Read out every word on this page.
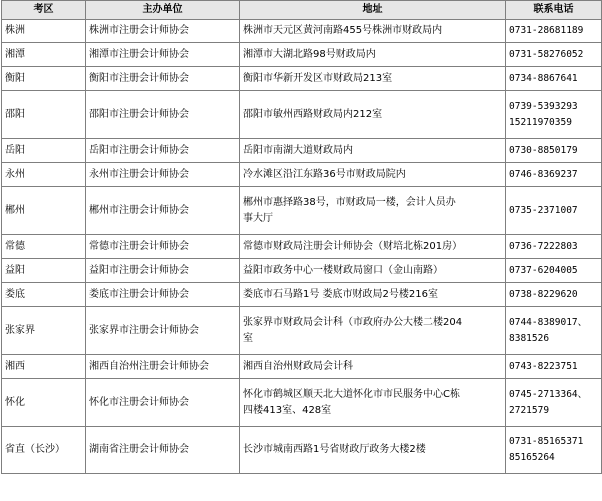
考区	主办单位	地址	联系电话
株洲	株洲市注册会计师协会	株洲市天元区黄河南路455号株洲市财政局内	0731-28681189

湘潭	湘潭市注册会计师协会	湘潭市大湖北路98号财政局内	0731-58276052

衡阳	衡阳市注册会计师协会	衡阳市华新开发区市财政局213室	0734-8867641

邵阳	邵阳市注册会计师协会	邵阳市敏州西路财政局内212室	0739-5393293
15211970359

岳阳	岳阳市注册会计师协会	岳阳市南湖大道财政局内	0730-8850179

永州	永州市注册会计师协会	冷水滩区沿江东路36号市财政局院内	0746-8369237

郴州	郴州市注册会计师协会	郴州市惠择路38号，市财政局一楼，会计人员办
事大厅	0735-2371007

常德	常德市注册会计师协会	常德市财政局注册会计师协会（财培北栋201房）	0736-7222803

益阳	益阳市注册会计师协会	益阳市政务中心一楼财政局窗口（金山南路）	0737-6204005

娄底	娄底市注册会计师协会	娄底市石马路1号 娄底市财政局2号楼216室	0738-8229620

张家界	张家界市注册会计师协会	张家界市财政局会计科（市政府办公大楼二楼204
室	0744-8389017、
8381526

湘西	湘西自治州注册会计师协会	湘西自治州财政局会计科	0743-8223751

怀化	怀化市注册会计师协会	怀化市鹤城区顺天北大道怀化市市民服务中心C栋
四楼413室、428室	0745-2713364、
2721579

省直（长沙）	湖南省注册会计师协会	长沙市城南西路1号省财政厅政务大楼2楼	0731-85165371
85165264
